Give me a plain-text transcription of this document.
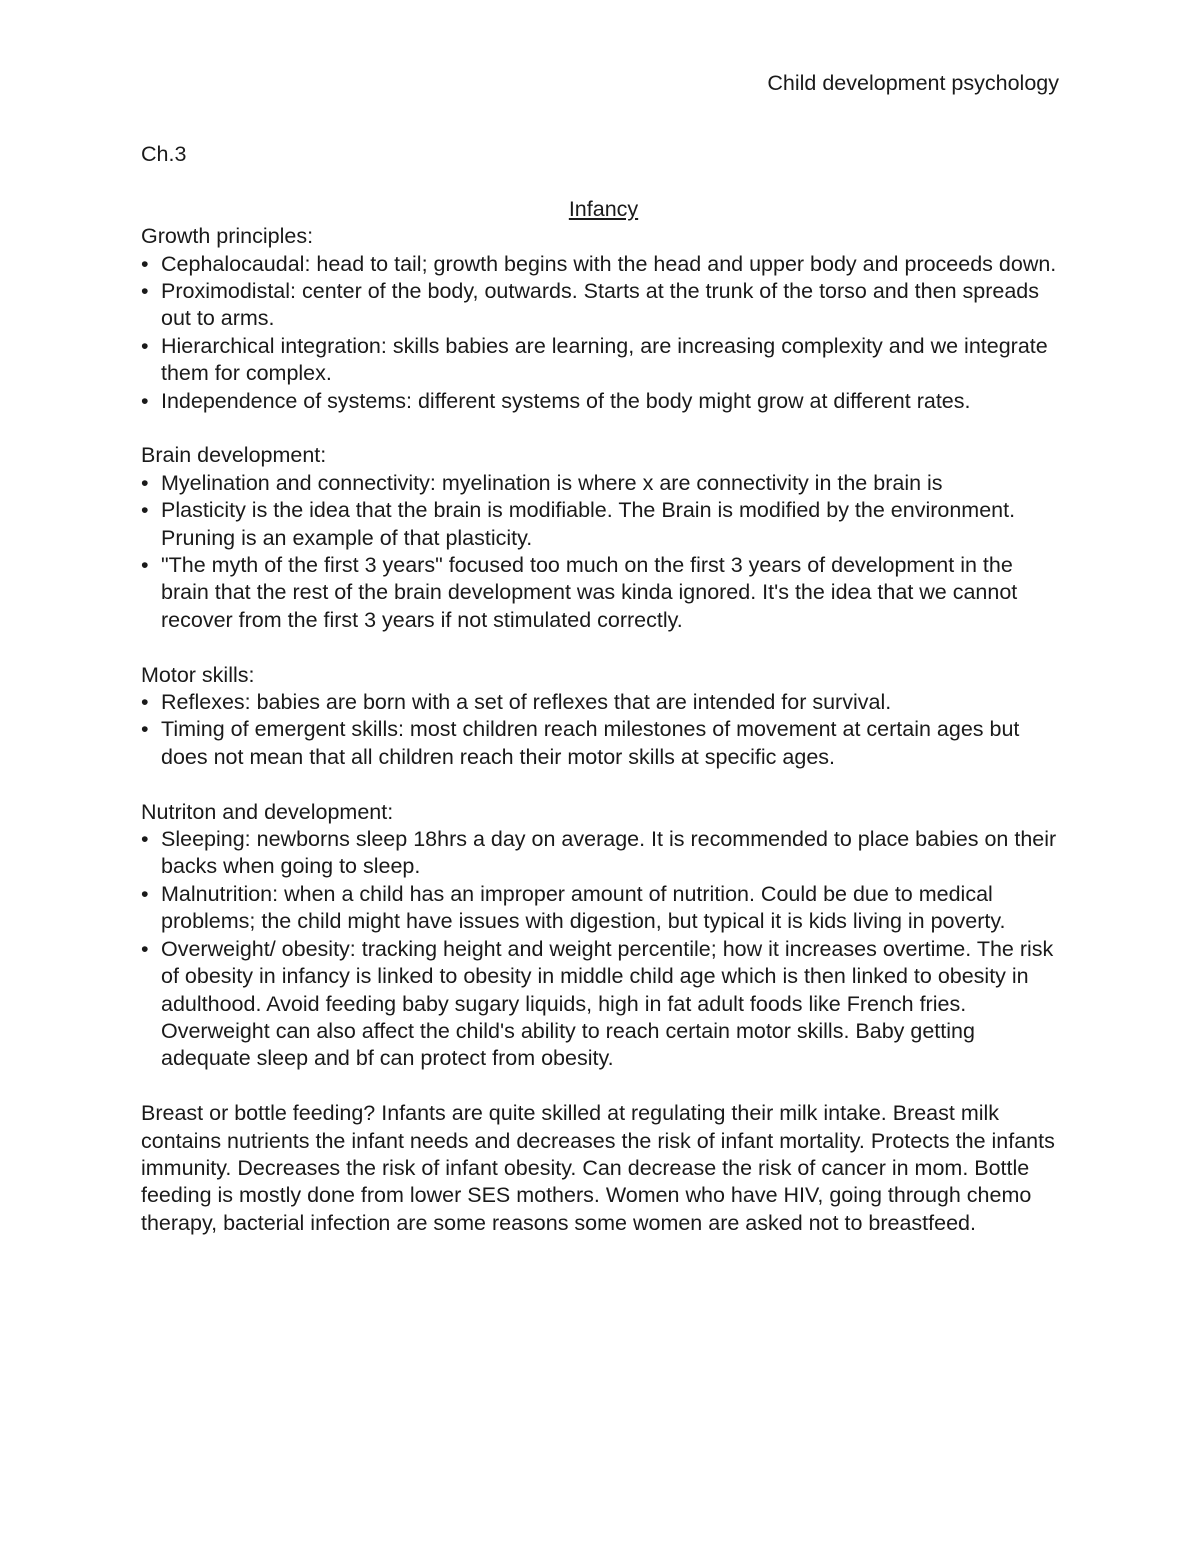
Child development psychology

Ch.3

Infancy

Growth principles:

• Cephalocaudal: head to tail; growth begins with the head and upper body and proceeds down.
• Proximodistal: center of the body, outwards. Starts at the trunk of the torso and then spreads out to arms.
• Hierarchical integration: skills babies are learning, are increasing complexity and we integrate them for complex.
• Independence of systems: different systems of the body might grow at different rates.

Brain development:

• Myelination and connectivity: myelination is where x are connectivity in the brain is
• Plasticity is the idea that the brain is modifiable. The Brain is modified by the environment. Pruning is an example of that plasticity.
• "The myth of the first 3 years" focused too much on the first 3 years of development in the brain that the rest of the brain development was kinda ignored. It's the idea that we cannot recover from the first 3 years if not stimulated correctly.

Motor skills:

• Reflexes: babies are born with a set of reflexes that are intended for survival.
• Timing of emergent skills: most children reach milestones of movement at certain ages but does not mean that all children reach their motor skills at specific ages.

Nutriton and development:

• Sleeping: newborns sleep 18hrs a day on average. It is recommended to place babies on their backs when going to sleep.
• Malnutrition: when a child has an improper amount of nutrition. Could be due to medical problems; the child might have issues with digestion, but typical it is kids living in poverty.
• Overweight/ obesity: tracking height and weight percentile; how it increases overtime. The risk of obesity in infancy is linked to obesity in middle child age which is then linked to obesity in adulthood. Avoid feeding baby sugary liquids, high in fat adult foods like French fries. Overweight can also affect the child's ability to reach certain motor skills. Baby getting adequate sleep and bf can protect from obesity.

Breast or bottle feeding? Infants are quite skilled at regulating their milk intake. Breast milk contains nutrients the infant needs and decreases the risk of infant mortality. Protects the infants immunity. Decreases the risk of infant obesity. Can decrease the risk of cancer in mom. Bottle feeding is mostly done from lower SES mothers. Women who have HIV, going through chemo therapy, bacterial infection are some reasons some women are asked not to breastfeed.
